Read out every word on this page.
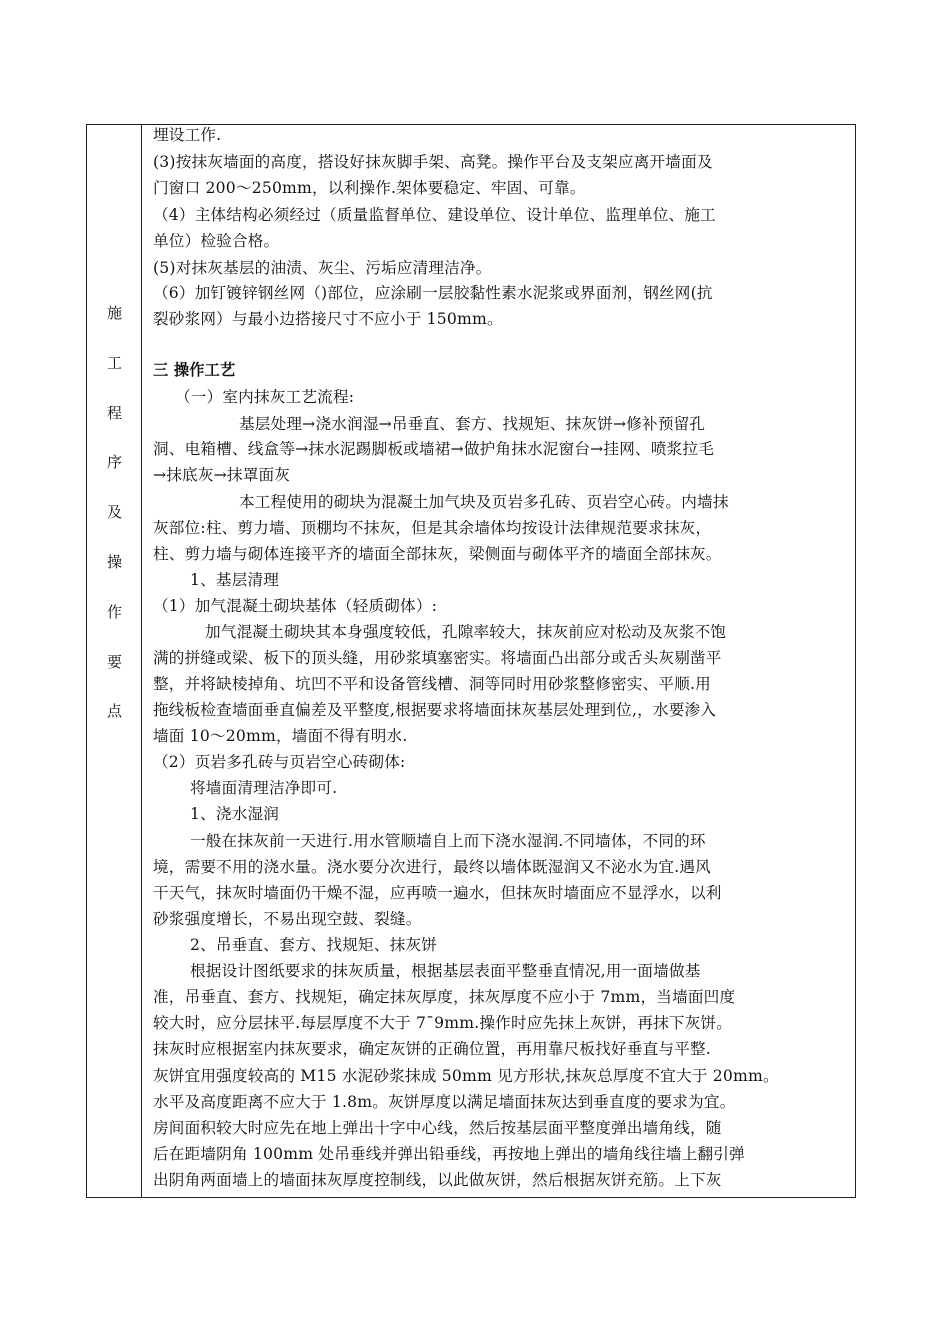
施
工
程
序
及
操
作
要
点
埋设工作.
(3)按抹灰墙面的高度，搭设好抹灰脚手架、高凳。操作平台及支架应离开墙面及
门窗口 200～250mm，以利操作.架体要稳定、牢固、可靠。
（4）主体结构必须经过（质量监督单位、建设单位、设计单位、监理单位、施工
单位）检验合格。
(5)对抹灰基层的油渍、灰尘、污垢应清理洁净。
（6）加钉镀锌钢丝网（)部位，应涂刷一层胶黏性素水泥浆或界面剂，钢丝网(抗
裂砂浆网）与最小边搭接尺寸不应小于 150mm。
三 操作工艺
（一）室内抹灰工艺流程:
基层处理→浇水润湿→吊垂直、套方、找规矩、抹灰饼→修补预留孔
洞、电箱槽、线盒等→抹水泥踢脚板或墙裙→做护角抹水泥窗台→挂网、喷浆拉毛
→抹底灰→抹罩面灰
本工程使用的砌块为混凝土加气块及页岩多孔砖、页岩空心砖。内墙抹
灰部位:柱、剪力墙、顶棚均不抹灰，但是其余墙体均按设计法律规范要求抹灰，
柱、剪力墙与砌体连接平齐的墙面全部抹灰，梁侧面与砌体平齐的墙面全部抹灰。
1、基层清理
（1）加气混凝土砌块基体（轻质砌体）:
加气混凝土砌块其本身强度较低，孔隙率较大，抹灰前应对松动及灰浆不饱
满的拼缝或梁、板下的顶头缝，用砂浆填塞密实。将墙面凸出部分或舌头灰剔凿平
整，并将缺棱掉角、坑凹不平和设备管线槽、洞等同时用砂浆整修密实、平顺.用
拖线板检查墙面垂直偏差及平整度,根据要求将墙面抹灰基层处理到位,，水要渗入
墙面 10～20mm，墙面不得有明水.
（2）页岩多孔砖与页岩空心砖砌体:
将墙面清理洁净即可.
1、浇水湿润
一般在抹灰前一天进行.用水管顺墙自上而下浇水湿润.不同墙体，不同的环
境，需要不用的浇水量。浇水要分次进行，最终以墙体既湿润又不泌水为宜.遇风
干天气，抹灰时墙面仍干燥不湿，应再喷一遍水，但抹灰时墙面应不显浮水，以利
砂浆强度增长，不易出现空鼓、裂缝。
2、吊垂直、套方、找规矩、抹灰饼
根据设计图纸要求的抹灰质量，根据基层表面平整垂直情况,用一面墙做基
准，吊垂直、套方、找规矩，确定抹灰厚度，抹灰厚度不应小于 7mm，当墙面凹度
较大时，应分层抹平.每层厚度不大于 7¯9mm.操作时应先抹上灰饼，再抹下灰饼。
抹灰时应根据室内抹灰要求，确定灰饼的正确位置，再用靠尺板找好垂直与平整.
灰饼宜用强度较高的 M15 水泥砂浆抹成 50mm 见方形状,抹灰总厚度不宜大于 20mm。
水平及高度距离不应大于 1.8m。灰饼厚度以满足墙面抹灰达到垂直度的要求为宜。
房间面积较大时应先在地上弹出十字中心线，然后按基层面平整度弹出墙角线，随
后在距墙阴角 100mm 处吊垂线并弹出铅垂线，再按地上弹出的墙角线往墙上翻引弹
出阴角两面墙上的墙面抹灰厚度控制线，以此做灰饼，然后根据灰饼充筋。上下灰
